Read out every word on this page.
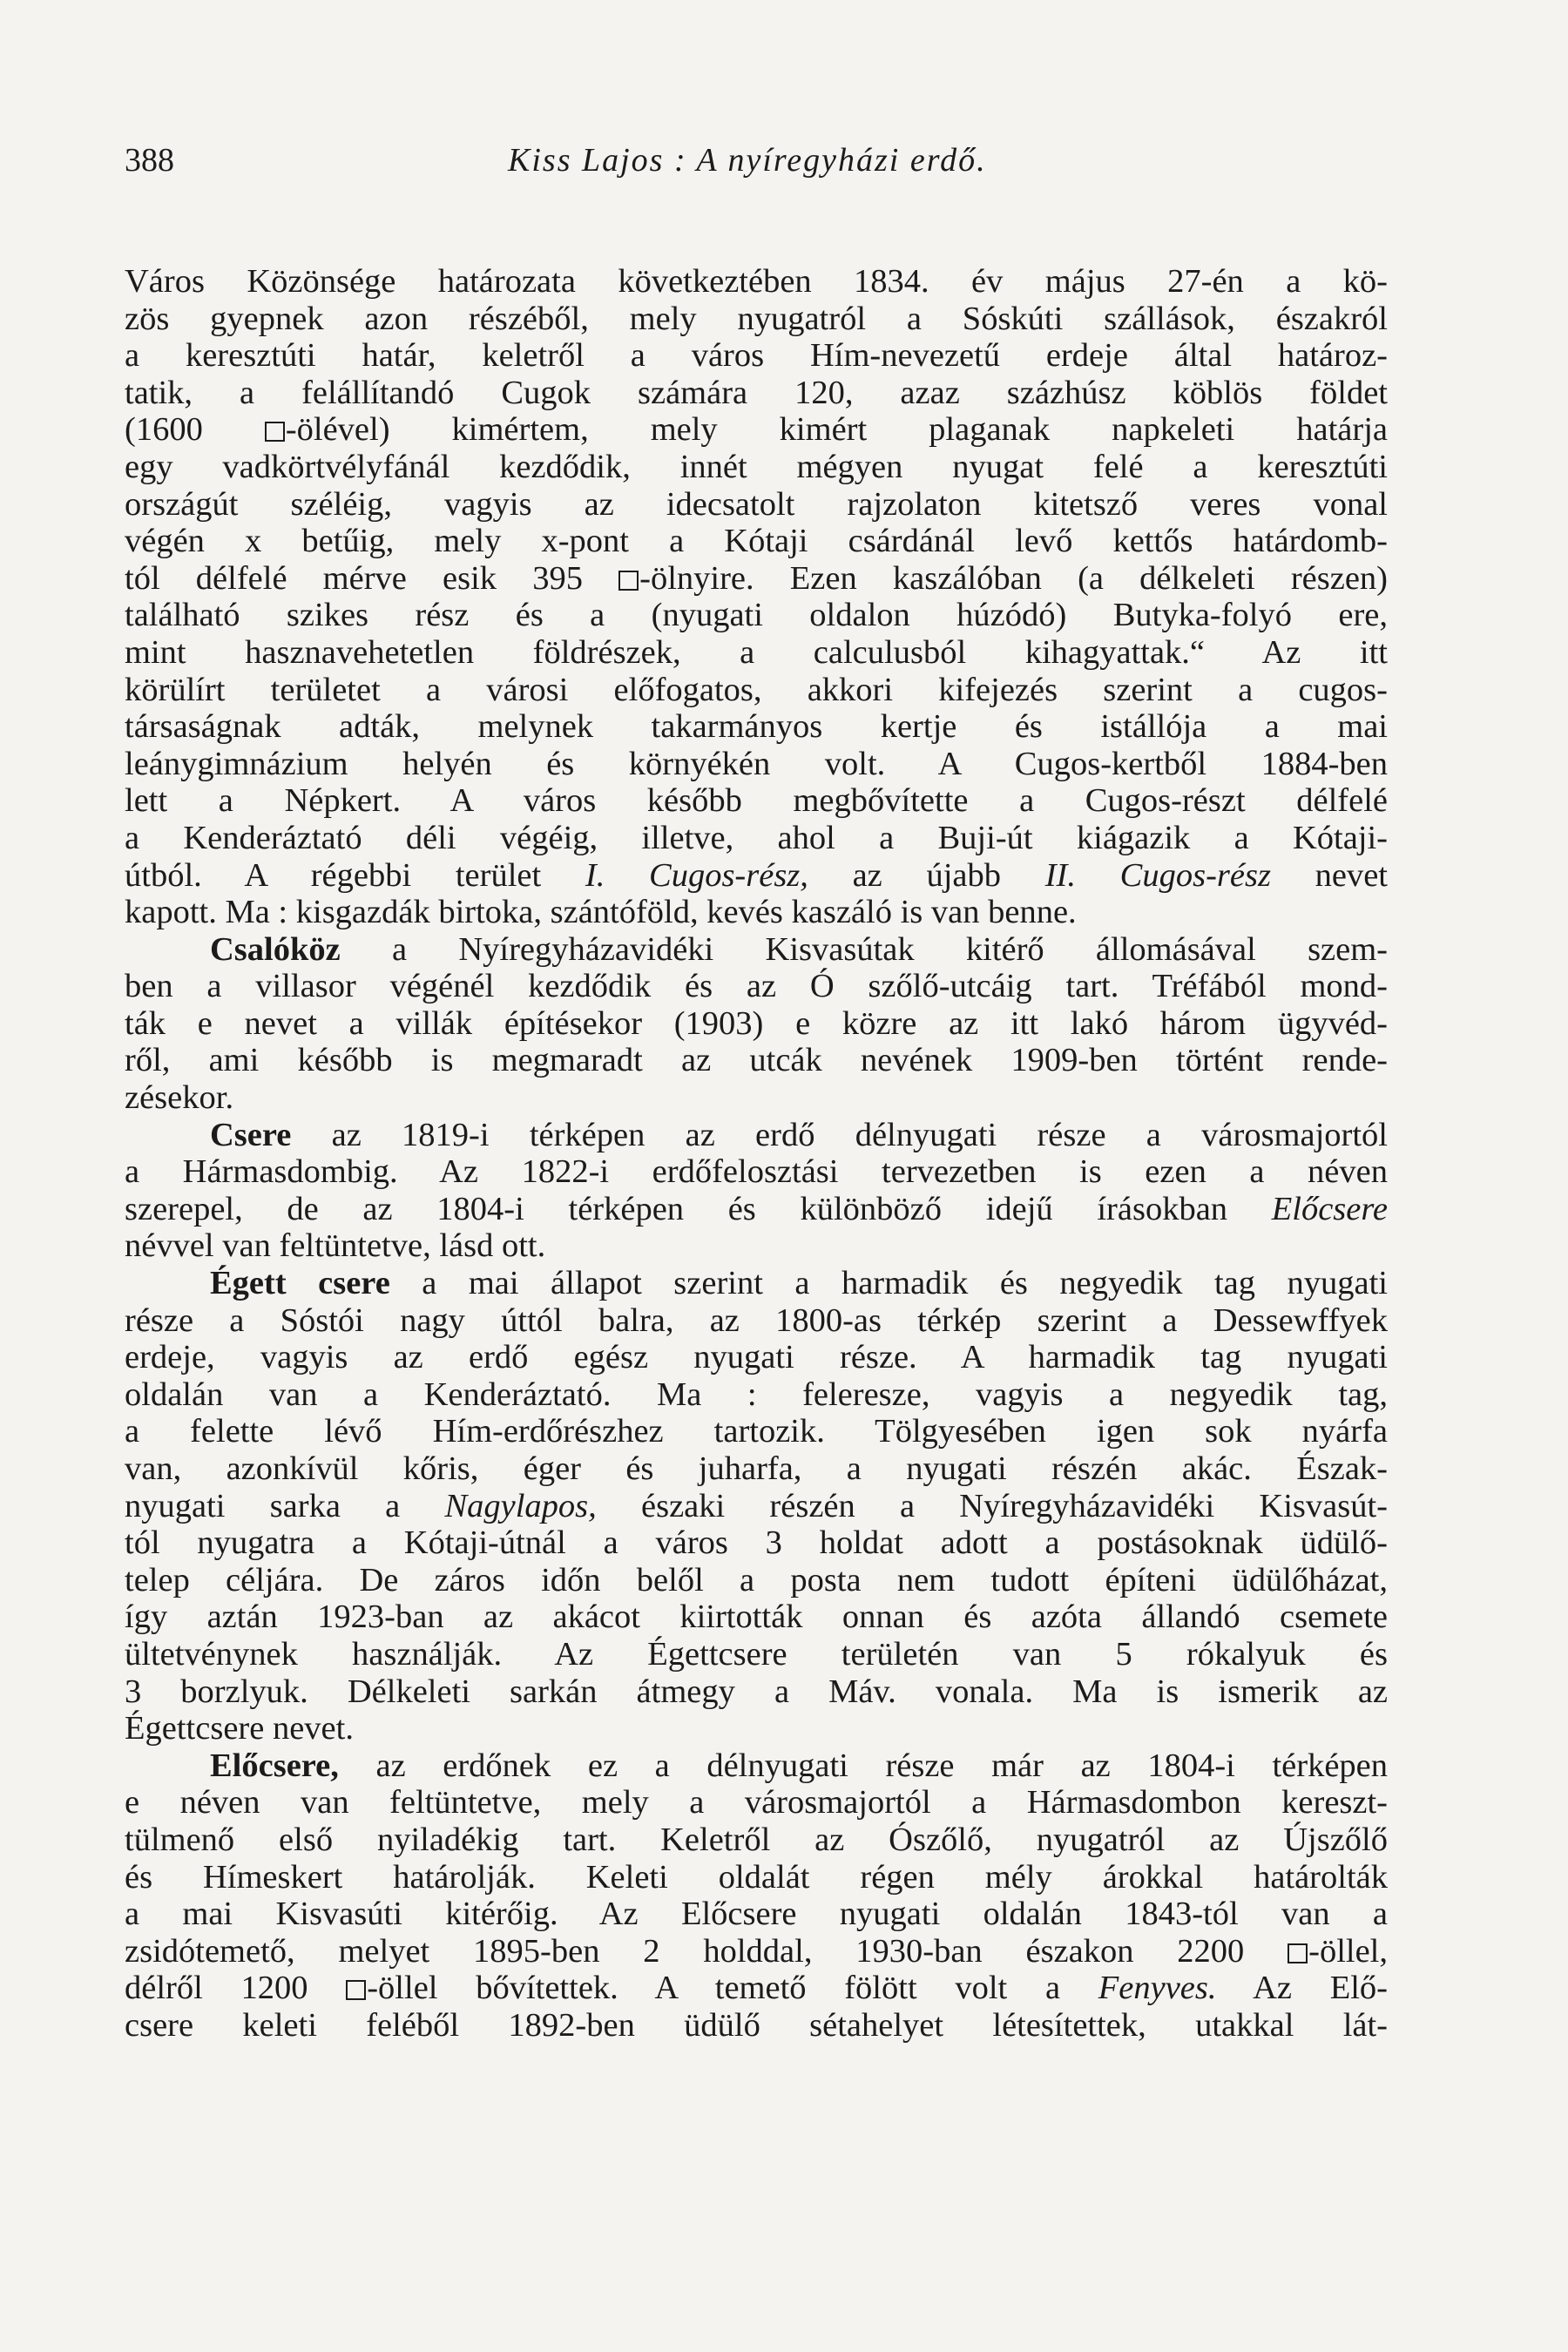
388	Kiss Lajos : A nyíregyházi erdő.
Város Közönsége határozata következtében 1834. év május 27-én a kö-
zös gyepnek azon részéből, mely nyugatról a Sóskúti szállások, északról
a keresztúti határ, keletről a város Hím-nevezetű erdeje által határoz-
tatik, a felállítandó Cugok számára 120, azaz százhúsz köblös földet
(1600 -ölével) kimértem, mely kimért plaganak napkeleti határja
egy vadkörtvélyfánál kezdődik, innét mégyen nyugat felé a keresztúti
országút széléig, vagyis az idecsatolt rajzolaton kitetsző veres vonal
végén x betűig, mely x-pont a Kótaji csárdánál levő kettős határdomb-
tól délfelé mérve esik 395 -ölnyire. Ezen kaszálóban (a délkeleti részen)
található szikes rész és a (nyugati oldalon húzódó) Butyka-folyó ere,
mint hasznavehetetlen földrészek, a calculusból kihagyattak.“ Az itt
körülírt területet a városi előfogatos, akkori kifejezés szerint a cugos-
társaságnak adták, melynek takarmányos kertje és istállója a mai
leánygimnázium helyén és környékén volt. A Cugos-kertből 1884-ben
lett a Népkert. A város később megbővítette a Cugos-részt délfelé
a Kenderáztató déli végéig, illetve, ahol a Buji-út kiágazik a Kótaji-
útból. A régebbi terület I. Cugos-rész, az újabb II. Cugos-rész nevet
kapott. Ma : kisgazdák birtoka, szántóföld, kevés kaszáló is van benne.
Csalóköz a Nyíregyházavidéki Kisvasútak kitérő állomásával szem-
ben a villasor végénél kezdődik és az Ó szőlő-utcáig tart. Tréfából mond-
ták e nevet a villák építésekor (1903) e közre az itt lakó három ügyvéd-
ről, ami később is megmaradt az utcák nevének 1909-ben történt rende-
zésekor.
Csere az 1819-i térképen az erdő délnyugati része a városmajortól
a Hármasdombig. Az 1822-i erdőfelosztási tervezetben is ezen a néven
szerepel, de az 1804-i térképen és különböző idejű írásokban Előcsere
névvel van feltüntetve, lásd ott.
Égett csere a mai állapot szerint a harmadik és negyedik tag nyugati
része a Sóstói nagy úttól balra, az 1800-as térkép szerint a Dessewffyek
erdeje, vagyis az erdő egész nyugati része. A harmadik tag nyugati
oldalán van a Kenderáztató. Ma : feleresze, vagyis a negyedik tag,
a felette lévő Hím-erdőrészhez tartozik. Tölgyesében igen sok nyárfa
van, azonkívül kőris, éger és juharfa, a nyugati részén akác. Észak-
nyugati sarka a Nagylapos, északi részén a Nyíregyházavidéki Kisvasút-
tól nyugatra a Kótaji-útnál a város 3 holdat adott a postásoknak üdülő-
telep céljára. De záros időn belől a posta nem tudott építeni üdülőházat,
így aztán 1923-ban az akácot kiirtották onnan és azóta állandó csemete
ültetvénynek használják. Az Égettcsere területén van 5 rókalyuk és
3 borzlyuk. Délkeleti sarkán átmegy a Máv. vonala. Ma is ismerik az
Égettcsere nevet.
Előcsere, az erdőnek ez a délnyugati része már az 1804-i térképen
e néven van feltüntetve, mely a városmajortól a Hármasdombon kereszt-
tülmenő első nyiladékig tart. Keletről az Ószőlő, nyugatról az Újszőlő
és Hímeskert határolják. Keleti oldalát régen mély árokkal határolták
a mai Kisvasúti kitérőig. Az Előcsere nyugati oldalán 1843-tól van a
zsidótemető, melyet 1895-ben 2 holddal, 1930-ban északon 2200 -öllel,
délről 1200 -öllel bővítettek. A temető fölött volt a Fenyves. Az Elő-
csere keleti feléből 1892-ben üdülő sétahelyet létesítettek, utakkal lát-
